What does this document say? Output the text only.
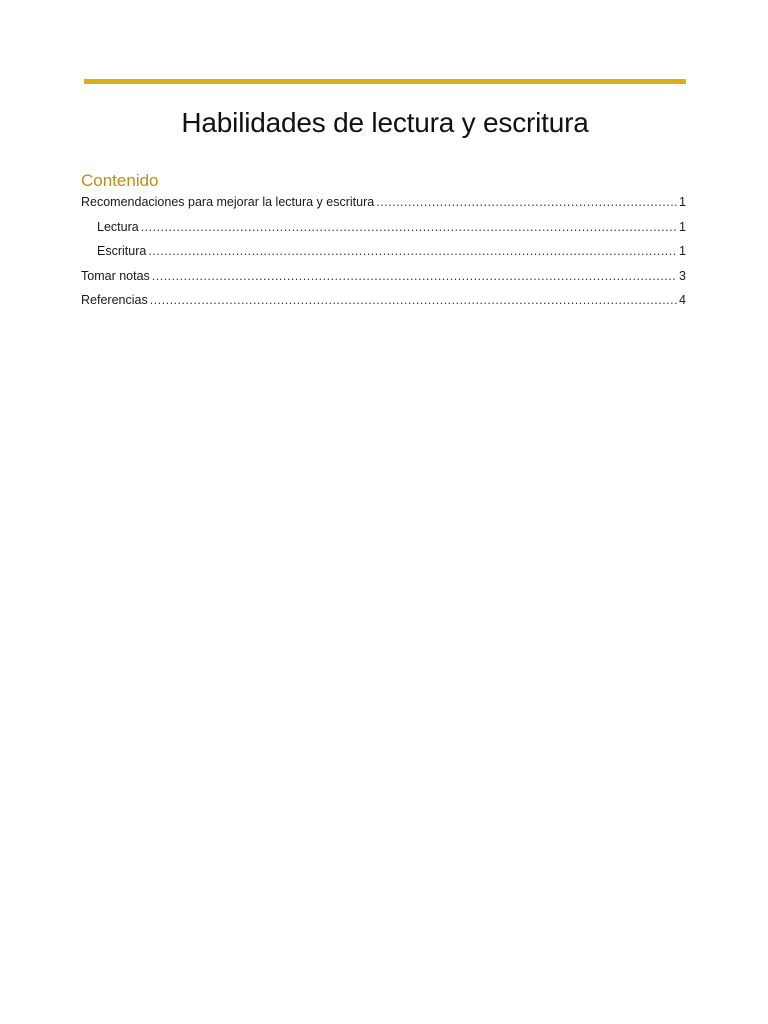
Habilidades de lectura y escritura
Contenido
Recomendaciones para mejorar la lectura y escritura .....	1
Lectura .....	1
Escritura .....	1
Tomar notas .....	3
Referencias .....	4
